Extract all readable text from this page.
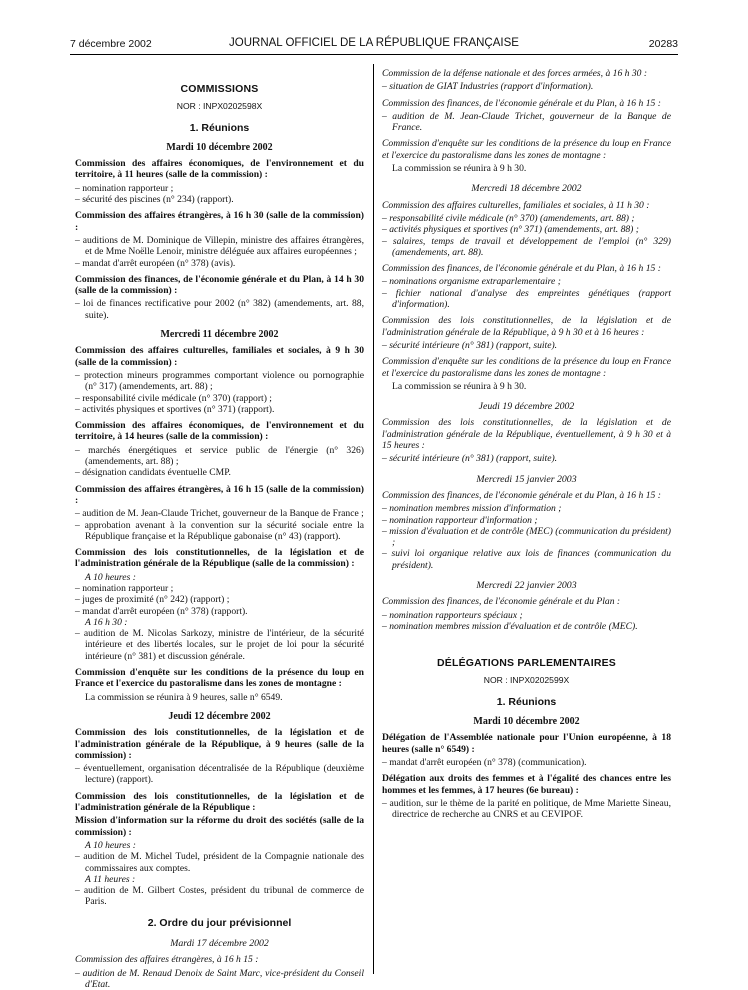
7 décembre 2002	JOURNAL OFFICIEL DE LA RÉPUBLIQUE FRANÇAISE	20283
COMMISSIONS
NOR : INPX0202598X
1. Réunions
Mardi 10 décembre 2002

Commission des affaires économiques, de l'environnement et du territoire, à 11 heures (salle de la commission) :

– nomination rapporteur ;

– sécurité des piscines (n° 234) (rapport).

Commission des affaires étrangères, à 16 h 30 (salle de la commission) :

– auditions de M. Dominique de Villepin, ministre des affaires étrangères, et de Mme Noëlle Lenoir, ministre déléguée aux affaires européennes ;

– mandat d'arrêt européen (n° 378) (avis).

Commission des finances, de l'économie générale et du Plan, à 14 h 30 (salle de la commission) :

– loi de finances rectificative pour 2002 (n° 382) (amendements, art. 88, suite).

Mercredi 11 décembre 2002

Commission des affaires culturelles, familiales et sociales, à 9 h 30 (salle de la commission) :

– protection mineurs programmes comportant violence ou pornographie (n° 317) (amendements, art. 88) ;

– responsabilité civile médicale (n° 370) (rapport) ;

– activités physiques et sportives (n° 371) (rapport).

Commission des affaires économiques, de l'environnement et du territoire, à 14 heures (salle de la commission) :

– marchés énergétiques et service public de l'énergie (n° 326) (amendements, art. 88) ;

– désignation candidats éventuelle CMP.

Commission des affaires étrangères, à 16 h 15 (salle de la commission) :

– audition de M. Jean-Claude Trichet, gouverneur de la Banque de France ;

– approbation avenant à la convention sur la sécurité sociale entre la République française et la République gabonaise (n° 43) (rapport).

Commission des lois constitutionnelles, de la législation et de l'administration générale de la République (salle de la commission) :

A 10 heures :

– nomination rapporteur ;

– juges de proximité (n° 242) (rapport) ;

– mandat d'arrêt européen (n° 378) (rapport).

A 16 h 30 :

– audition de M. Nicolas Sarkozy, ministre de l'intérieur, de la sécurité intérieure et des libertés locales, sur le projet de loi pour la sécurité intérieure (n° 381) et discussion générale.

Commission d'enquête sur les conditions de la présence du loup en France et l'exercice du pastoralisme dans les zones de montagne :

La commission se réunira à 9 heures, salle n° 6549.

Jeudi 12 décembre 2002

Commission des lois constitutionnelles, de la législation et de l'administration générale de la République, à 9 heures (salle de la commission) :

– éventuellement, organisation décentralisée de la République (deuxième lecture) (rapport).

Commission des lois constitutionnelles, de la législation et de l'administration générale de la République :

Mission d'information sur la réforme du droit des sociétés (salle de la commission) :

A 10 heures :

– audition de M. Michel Tudel, président de la Compagnie nationale des commissaires aux comptes.

A 11 heures :

– audition de M. Gilbert Costes, président du tribunal de commerce de Paris.

2. Ordre du jour prévisionnel
Mardi 17 décembre 2002

Commission des affaires étrangères, à 16 h 15 :

– audition de M. Renaud Denoix de Saint Marc, vice-président du Conseil d'Etat.

Commission de la défense nationale et des forces armées, à 16 h 30 :

– situation de GIAT Industries (rapport d'information).

Commission des finances, de l'économie générale et du Plan, à 16 h 15 :

– audition de M. Jean-Claude Trichet, gouverneur de la Banque de France.

Commission d'enquête sur les conditions de la présence du loup en France et l'exercice du pastoralisme dans les zones de montagne :

La commission se réunira à 9 h 30.

Mercredi 18 décembre 2002

Commission des affaires culturelles, familiales et sociales, à 11 h 30 :

– responsabilité civile médicale (n° 370) (amendements, art. 88) ;

– activités physiques et sportives (n° 371) (amendements, art. 88) ;

– salaires, temps de travail et développement de l'emploi (n° 329) (amendements, art. 88).

Commission des finances, de l'économie générale et du Plan, à 16 h 15 :

– nominations organisme extraparlementaire ;

– fichier national d'analyse des empreintes génétiques (rapport d'information).

Commission des lois constitutionnelles, de la législation et de l'administration générale de la République, à 9 h 30 et à 16 heures :

– sécurité intérieure (n° 381) (rapport, suite).

Commission d'enquête sur les conditions de la présence du loup en France et l'exercice du pastoralisme dans les zones de montagne :

La commission se réunira à 9 h 30.

Jeudi 19 décembre 2002

Commission des lois constitutionnelles, de la législation et de l'administration générale de la République, éventuellement, à 9 h 30 et à 15 heures :

– sécurité intérieure (n° 381) (rapport, suite).

Mercredi 15 janvier 2003

Commission des finances, de l'économie générale et du Plan, à 16 h 15 :

– nomination membres mission d'information ;

– nomination rapporteur d'information ;

– mission d'évaluation et de contrôle (MEC) (communication du président) ;

– suivi loi organique relative aux lois de finances (communication du président).

Mercredi 22 janvier 2003

Commission des finances, de l'économie générale et du Plan :

– nomination rapporteurs spéciaux ;

– nomination membres mission d'évaluation et de contrôle (MEC).

DÉLÉGATIONS PARLEMENTAIRES
NOR : INPX0202599X
1. Réunions
Mardi 10 décembre 2002

Délégation de l'Assemblée nationale pour l'Union européenne, à 18 heures (salle n° 6549) :

– mandat d'arrêt européen (n° 378) (communication).

Délégation aux droits des femmes et à l'égalité des chances entre les hommes et les femmes, à 17 heures (6e bureau) :

– audition, sur le thème de la parité en politique, de Mme Mariette Sineau, directrice de recherche au CNRS et au CEVIPOF.
